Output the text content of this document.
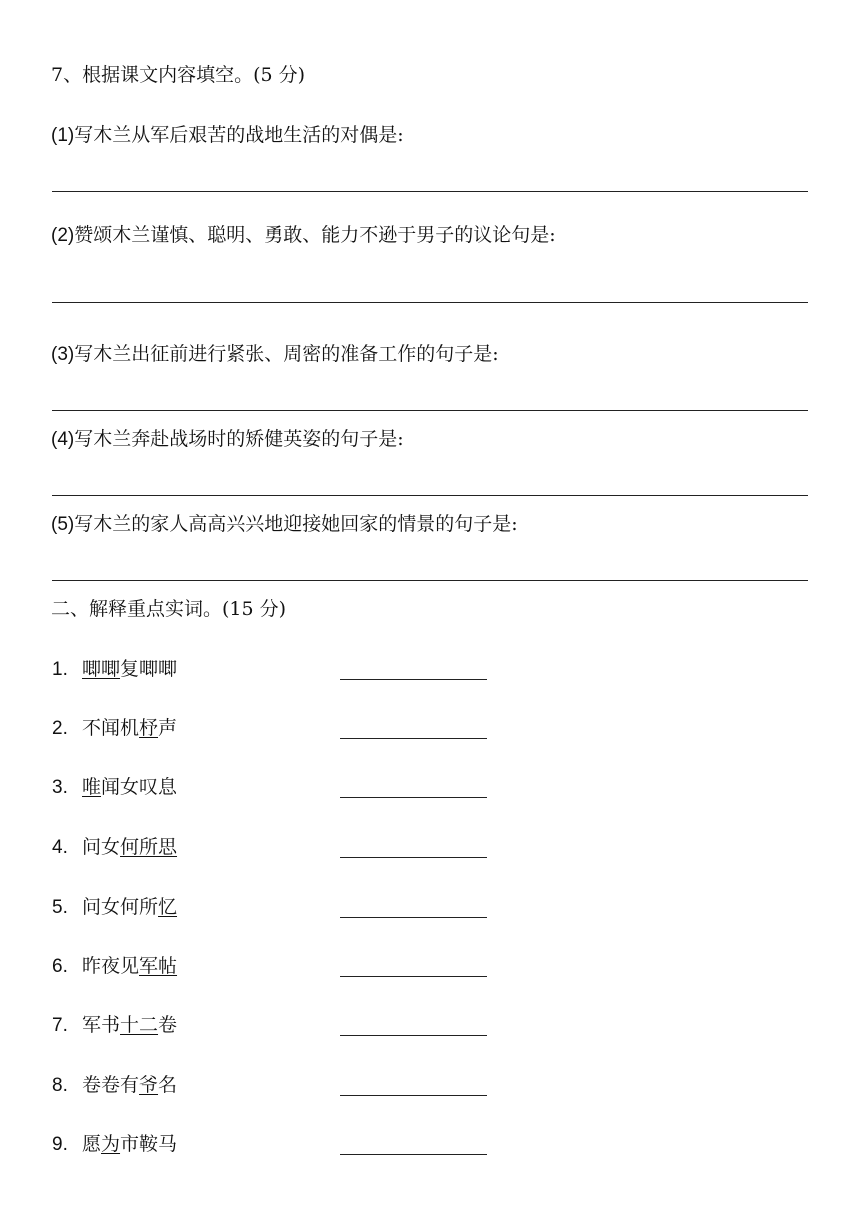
7、根据课文内容填空。(5 分)
(1)写木兰从军后艰苦的战地生活的对偶是:
(2)赞颂木兰谨慎、聪明、勇敢、能力不逊于男子的议论句是:
(3)写木兰出征前进行紧张、周密的准备工作的句子是:
(4)写木兰奔赴战场时的矫健英姿的句子是:
(5)写木兰的家人高高兴兴地迎接她回家的情景的句子是:
二、解释重点实词。(15 分)
1. 唧唧复唧唧
2. 不闻机杼声
3. 唯闻女叹息
4. 问女何所思
5. 问女何所忆
6. 昨夜见军帖
7. 军书十二卷
8. 卷卷有爷名
9. 愿为市鞍马
